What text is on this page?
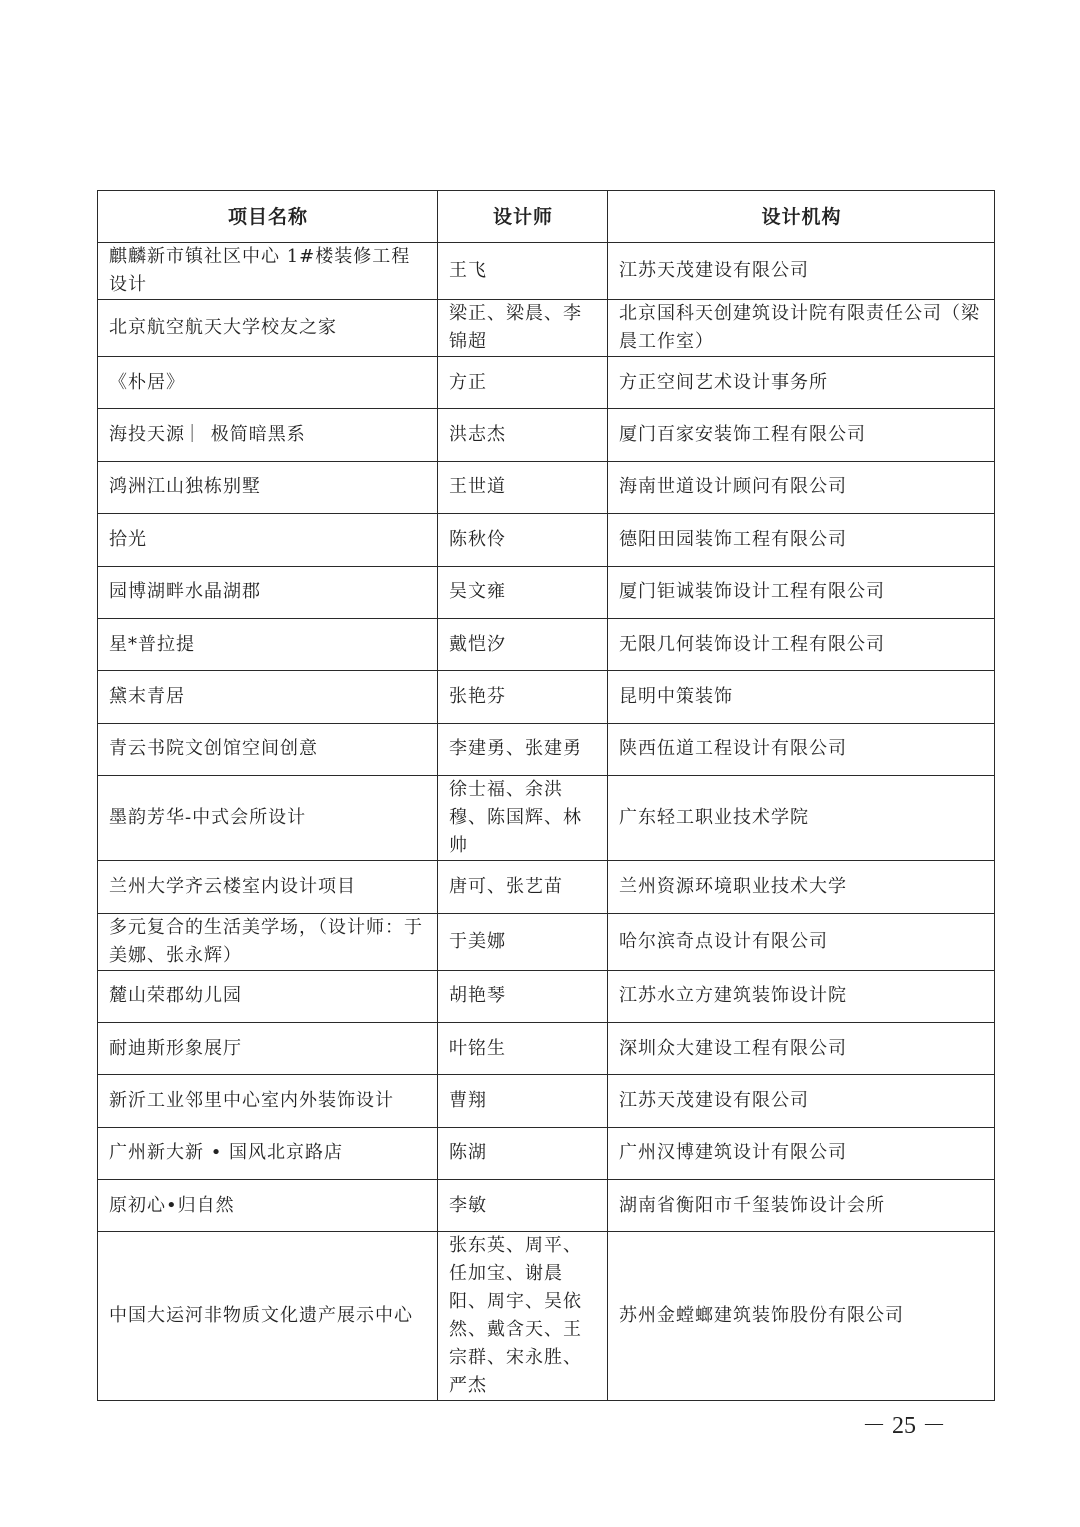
项目名称	设计师	设计机构
麒麟新市镇社区中心 1#楼装修工程设计	王飞	江苏天茂建设有限公司
北京航空航天大学校友之家	梁正、梁晨、李锦超	北京国科天创建筑设计院有限责任公司（梁晨工作室）
《朴居》	方正	方正空间艺术设计事务所
海投天源 ︳极简暗黑系	洪志杰	厦门百家安装饰工程有限公司
鸿洲江山独栋别墅	王世道	海南世道设计顾问有限公司
拾光	陈秋伶	德阳田园装饰工程有限公司
园博湖畔水晶湖郡	吴文雍	厦门钜诚装饰设计工程有限公司
星*普拉提	戴恺汐	无限几何装饰设计工程有限公司
黛末青居	张艳芬	昆明中策装饰
青云书院文创馆空间创意	李建勇、张建勇	陕西伍道工程设计有限公司
墨韵芳华-中式会所设计	徐士福、余洪穆、陈国辉、林帅	广东轻工职业技术学院
兰州大学齐云楼室内设计项目	唐可、张艺苗	兰州资源环境职业技术大学
多元复合的生活美学场，（设计师：于美娜、张永辉）	于美娜	哈尔滨奇点设计有限公司
麓山荣郡幼儿园	胡艳琴	江苏水立方建筑装饰设计院
耐迪斯形象展厅	叶铭生	深圳众大建设工程有限公司
新沂工业邻里中心室内外装饰设计	曹翔	江苏天茂建设有限公司
广州新大新 • 国风北京路店	陈湖	广州汉博建筑设计有限公司
原初心•归自然	李敏	湖南省衡阳市千玺装饰设计会所
中国大运河非物质文化遗产展示中心	张东英、周平、任加宝、谢晨阳、周宇、吴依然、戴含天、王宗群、宋永胜、严杰	苏州金螳螂建筑装饰股份有限公司
－ 25 －
